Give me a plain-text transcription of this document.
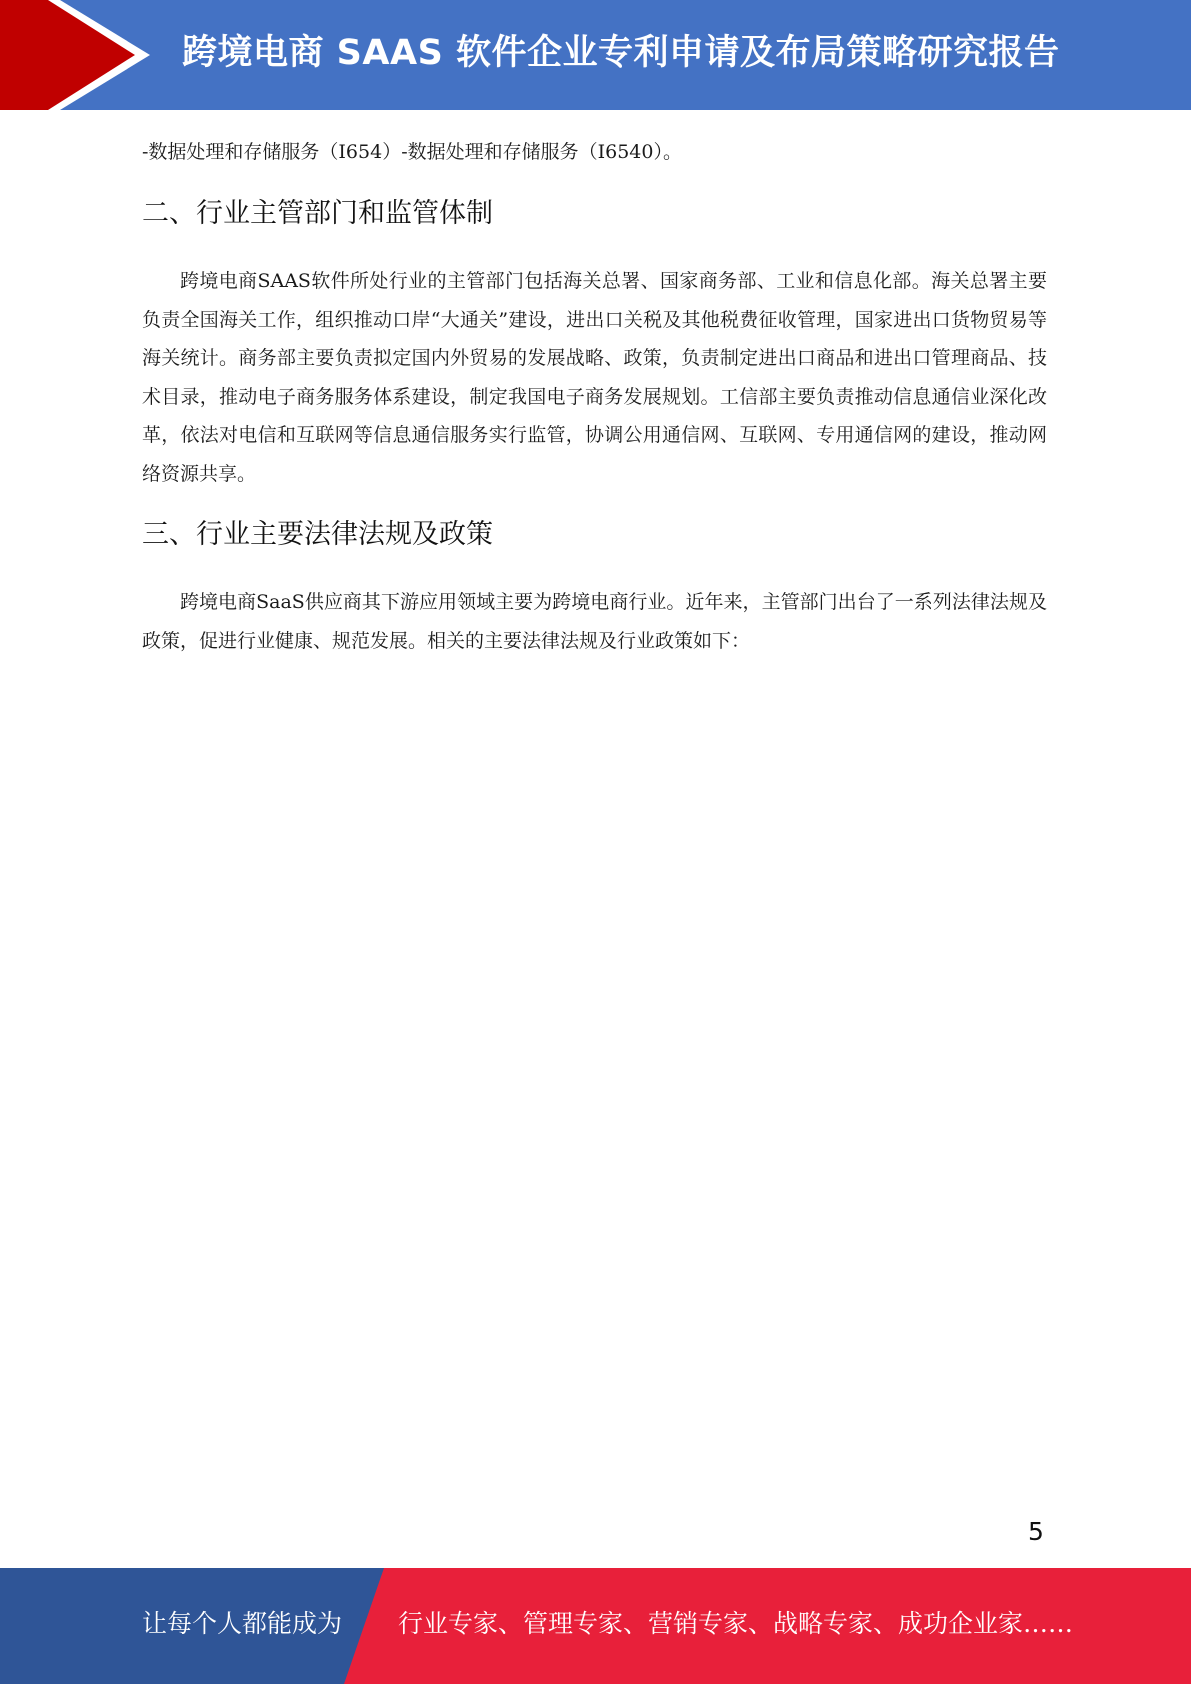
跨境电商 SAAS 软件企业专利申请及布局策略研究报告

-数据处理和存储服务（I654）-数据处理和存储服务（I6540）。

二、行业主管部门和监管体制

跨境电商SAAS软件所处行业的主管部门包括海关总署、国家商务部、工业和信息化部。海关总署主要负责全国海关工作，组织推动口岸“大通关”建设，进出口关税及其他税费征收管理，国家进出口货物贸易等海关统计。商务部主要负责拟定国内外贸易的发展战略、政策，负责制定进出口商品和进出口管理商品、技术目录，推动电子商务服务体系建设，制定我国电子商务发展规划。工信部主要负责推动信息通信业深化改革，依法对电信和互联网等信息通信服务实行监管，协调公用通信网、互联网、专用通信网的建设，推动网络资源共享。

三、行业主要法律法规及政策

跨境电商SaaS供应商其下游应用领域主要为跨境电商行业。近年来，主管部门出台了一系列法律法规及政策，促进行业健康、规范发展。相关的主要法律法规及行业政策如下：

5
让每个人都能成为 行业专家、管理专家、营销专家、战略专家、成功企业家……
